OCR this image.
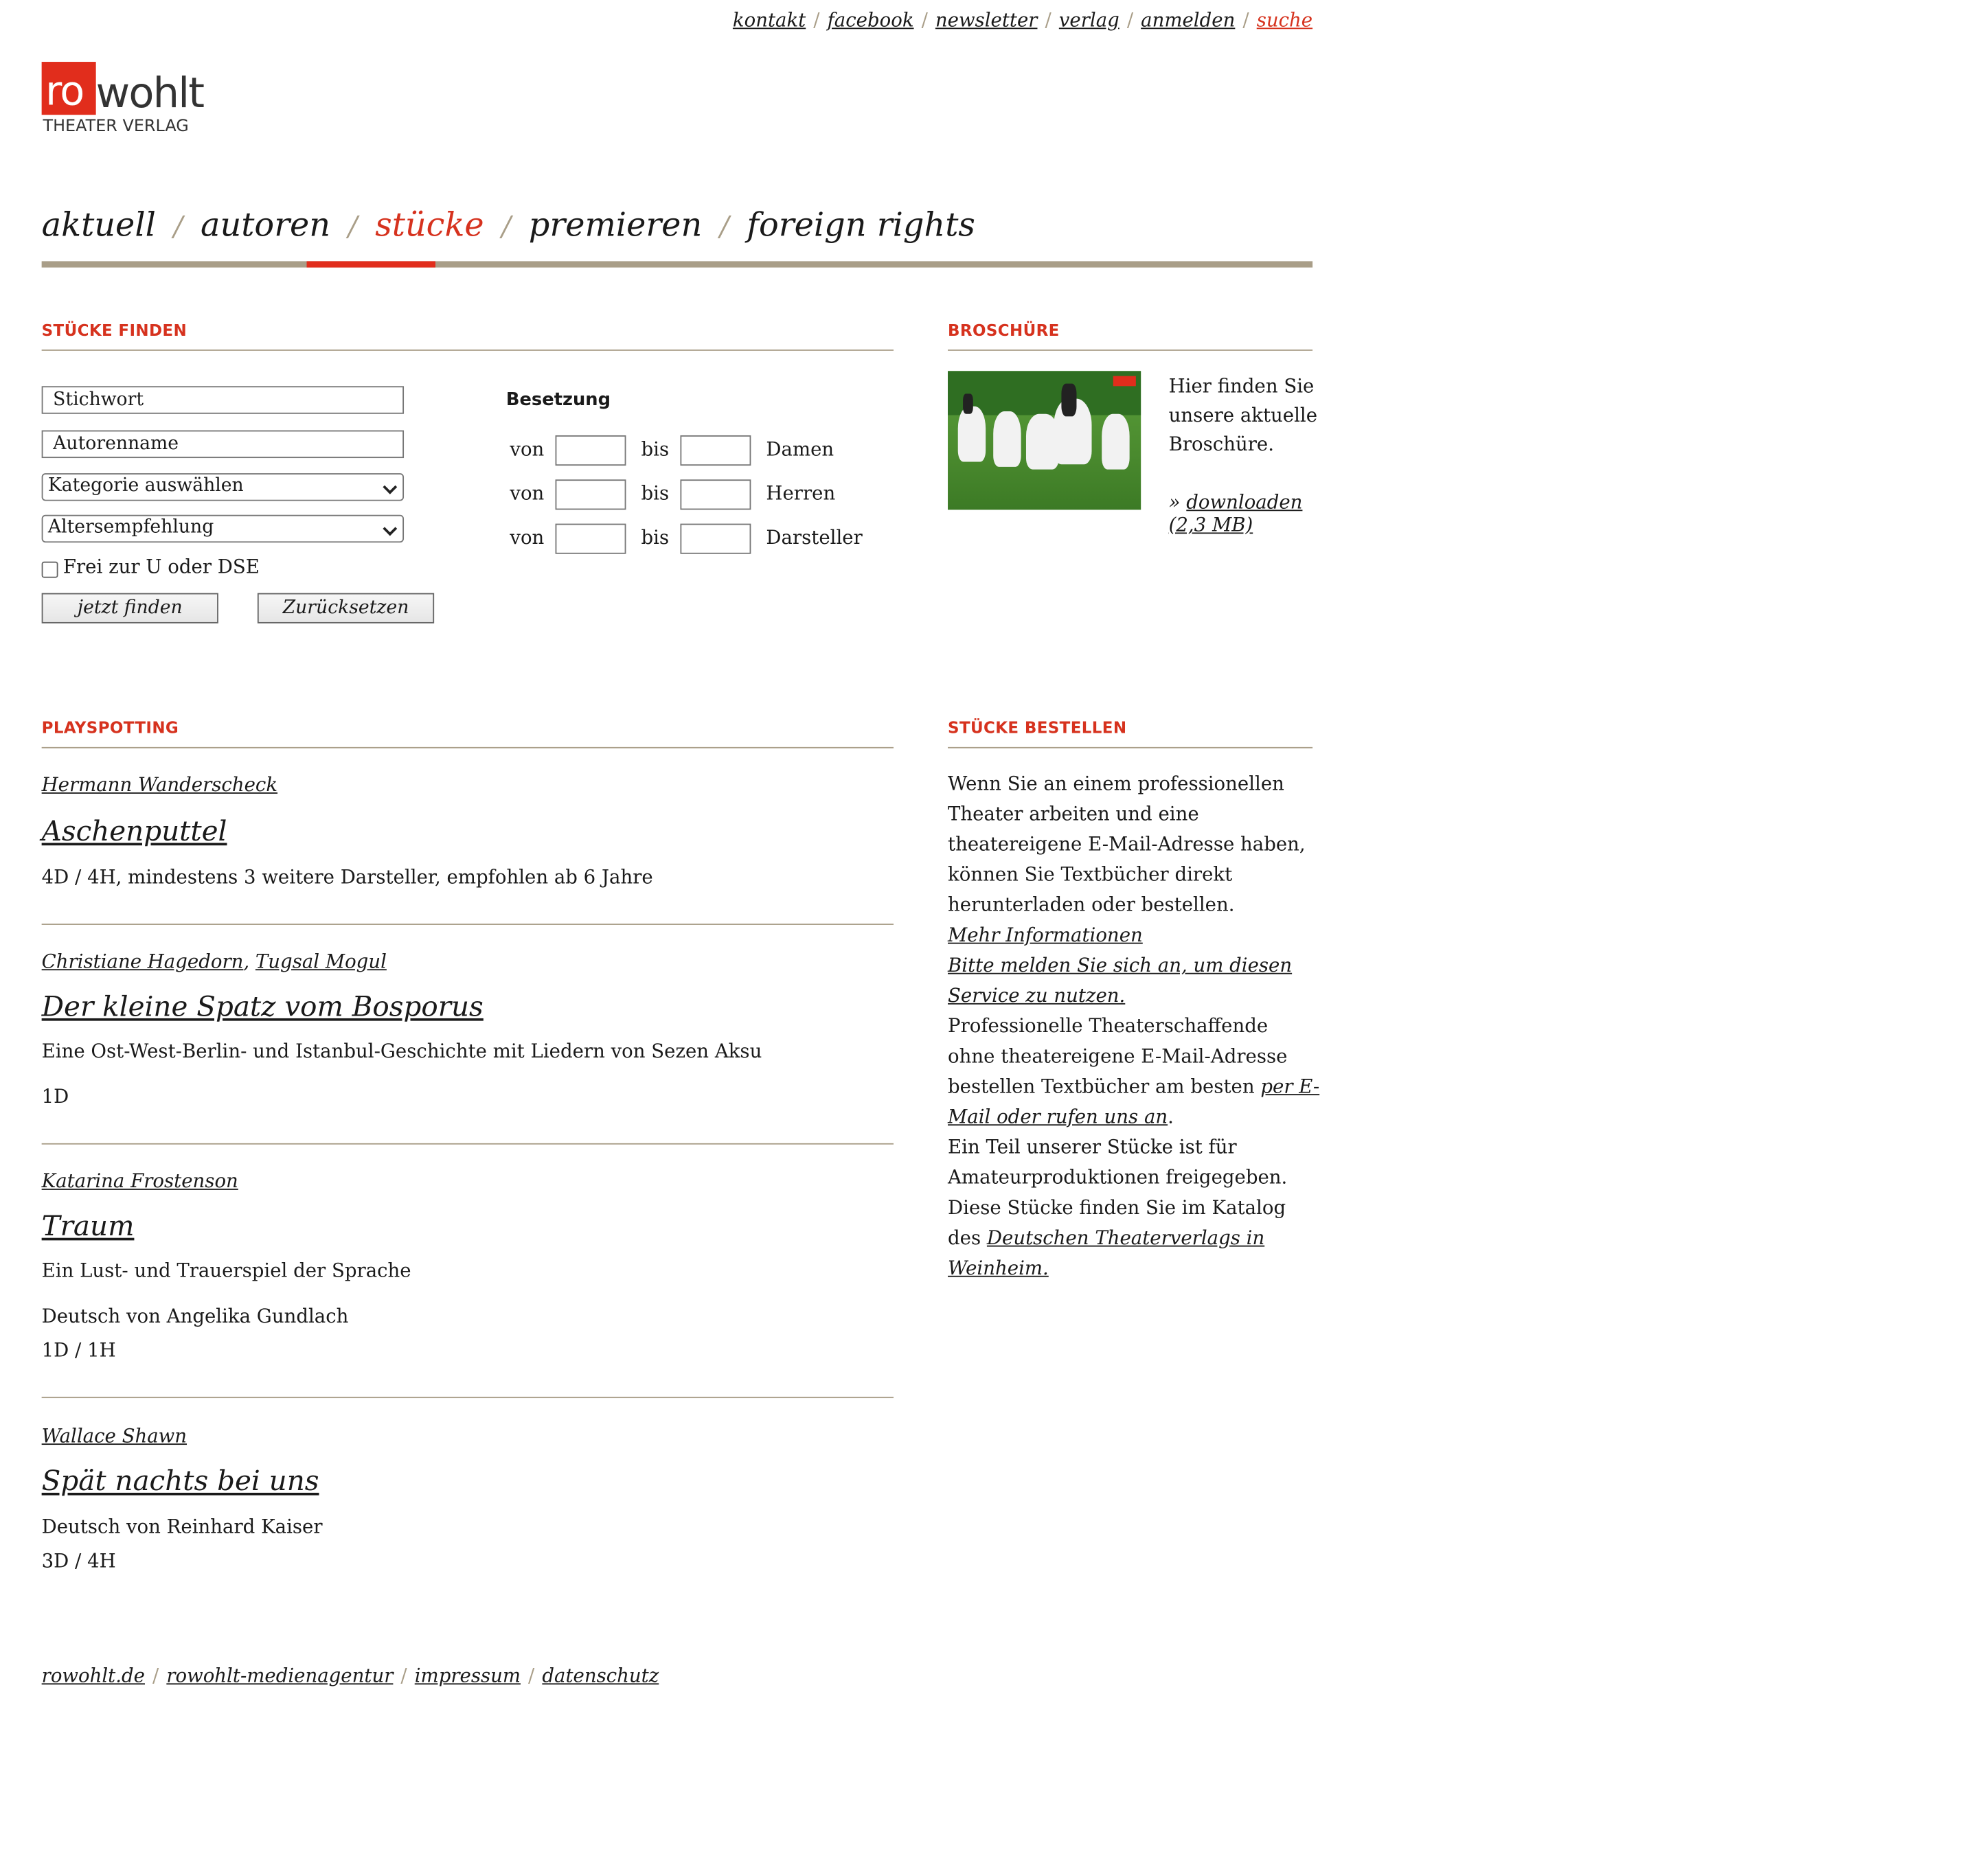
kontakt / facebook / newsletter / verlag / anmelden / suche
ro wohlt
THEATER VERLAG
aktuell / autoren / stücke / premieren / foreign rights
STÜCKE FINDEN
Stichwort
Autorenname
Kategorie auswählen
Altersempfehlung
Frei zur U oder DSE
jetzt finden	Zurücksetzen
Besetzung
von	bis	Damen
von	bis	Herren
von	bis	Darsteller
BROSCHÜRE
Hier finden Sie unsere aktuelle Broschüre.
» downloaden (2,3 MB)
PLAYSPOTTING
Hermann Wanderscheck
Aschenputtel
4D / 4H, mindestens 3 weitere Darsteller, empfohlen ab 6 Jahre
Christiane Hagedorn, Tugsal Mogul
Der kleine Spatz vom Bosporus
Eine Ost-West-Berlin- und Istanbul-Geschichte mit Liedern von Sezen Aksu
1D
Katarina Frostenson
Traum
Ein Lust- und Trauerspiel der Sprache
Deutsch von Angelika Gundlach
1D / 1H
Wallace Shawn
Spät nachts bei uns
Deutsch von Reinhard Kaiser
3D / 4H
STÜCKE BESTELLEN
Wenn Sie an einem professionellen Theater arbeiten und eine theatereigene E-Mail-Adresse haben, können Sie Textbücher direkt herunterladen oder bestellen.
Mehr Informationen
Bitte melden Sie sich an, um diesen Service zu nutzen.
Professionelle Theaterschaffende ohne theatereigene E-Mail-Adresse bestellen Textbücher am besten per E-Mail oder rufen uns an.
Ein Teil unserer Stücke ist für Amateurproduktionen freigegeben. Diese Stücke finden Sie im Katalog des Deutschen Theaterverlags in Weinheim.
rowohlt.de / rowohlt-medienagentur / impressum / datenschutz
